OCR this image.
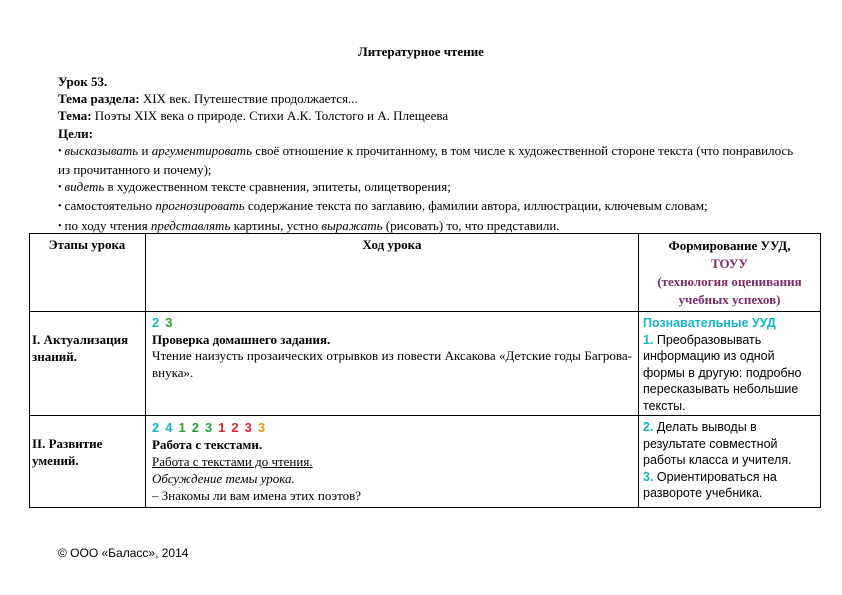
Литературное чтение

Урок 53.

Тема раздела: XIX век. Путешествие продолжается...

Тема: Поэты XIX века о природе. Стихи А.К. Толстого и А. Плещеева

Цели:

• высказывать и аргументировать своё отношение к прочитанному, в том числе к художественной стороне текста (что понравилось из прочитанного и почему);

• видеть в художественном тексте сравнения, эпитеты, олицетворения;

• самостоятельно прогнозировать содержание текста по заглавию, фамилии автора, иллюстрации, ключевым словам;

• по ходу чтения представлять картины, устно выражать (рисовать) то, что представили.

Этапы урока	Ход урока	Формирование УУД,
ТОУУ
(технология оценивания учебных успехов)
I. Актуализация знаний.
2 3
Проверка домашнего задания.
Чтение наизусть прозаических отрывков из повести Аксакова «Детские годы Багрова-внука».
Познавательные УУД
1. Преобразовывать информацию из одной формы в другую: подробно пересказывать небольшие тексты.
II. Развитие умений.
2 4 1 2 3 1 2 3 3
Работа с текстами.
Работа с текстами до чтения.
Обсуждение темы урока.
– Знакомы ли вам имена этих поэтов?
2. Делать выводы в результате совместной работы класса и учителя.
3. Ориентироваться на развороте учебника.
© ООО «Баласс», 2014
